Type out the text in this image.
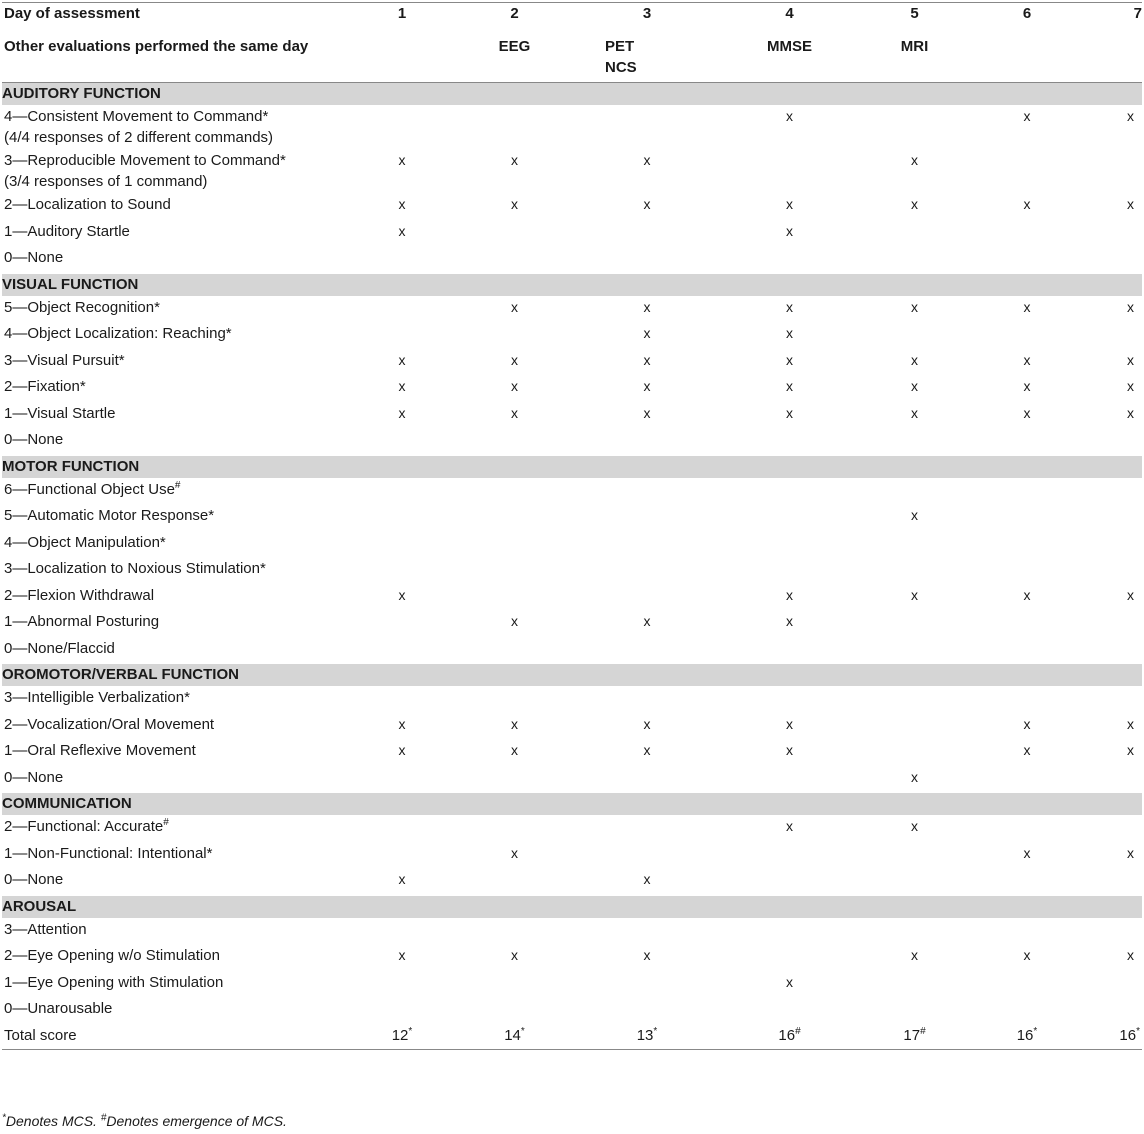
Day of assessment	1	2	3	4	5	6	7
Other evaluations performed the same day		EEG	PET NCS	MMSE	MRI		
AUDITORY FUNCTION							
4—Consistent Movement to Command*
(4/4 responses of 2 different commands)				x		x	x
3—Reproducible Movement to Command*
(3/4 responses of 1 command)	x	x	x		x		
2—Localization to Sound	x	x	x	x	x	x	x
1—Auditory Startle	x			x			
0—None							
VISUAL FUNCTION							
5—Object Recognition*		x	x	x	x	x	x
4—Object Localization: Reaching*			x	x			
3—Visual Pursuit*	x	x	x	x	x	x	x
2—Fixation*	x	x	x	x	x	x	x
1—Visual Startle	x	x	x	x	x	x	x
0—None							
MOTOR FUNCTION							
6—Functional Object Use#							
5—Automatic Motor Response*					x		
4—Object Manipulation*							
3—Localization to Noxious Stimulation*							
2—Flexion Withdrawal	x			x	x	x	x
1—Abnormal Posturing		x	x	x			
0—None/Flaccid							
OROMOTOR/VERBAL FUNCTION							
3—Intelligible Verbalization*							
2—Vocalization/Oral Movement	x	x	x	x		x	x
1—Oral Reflexive Movement	x	x	x	x		x	x
0—None					x		
COMMUNICATION							
2—Functional: Accurate#				x	x		
1—Non-Functional: Intentional*		x				x	x
0—None	x		x				
AROUSAL							
3—Attention							
2—Eye Opening w/o Stimulation	x	x	x		x	x	x
1—Eye Opening with Stimulation				x			
0—Unarousable							
Total score	12*	14*	13*	16#	17#	16*	16*
*Denotes MCS. #Denotes emergence of MCS.
